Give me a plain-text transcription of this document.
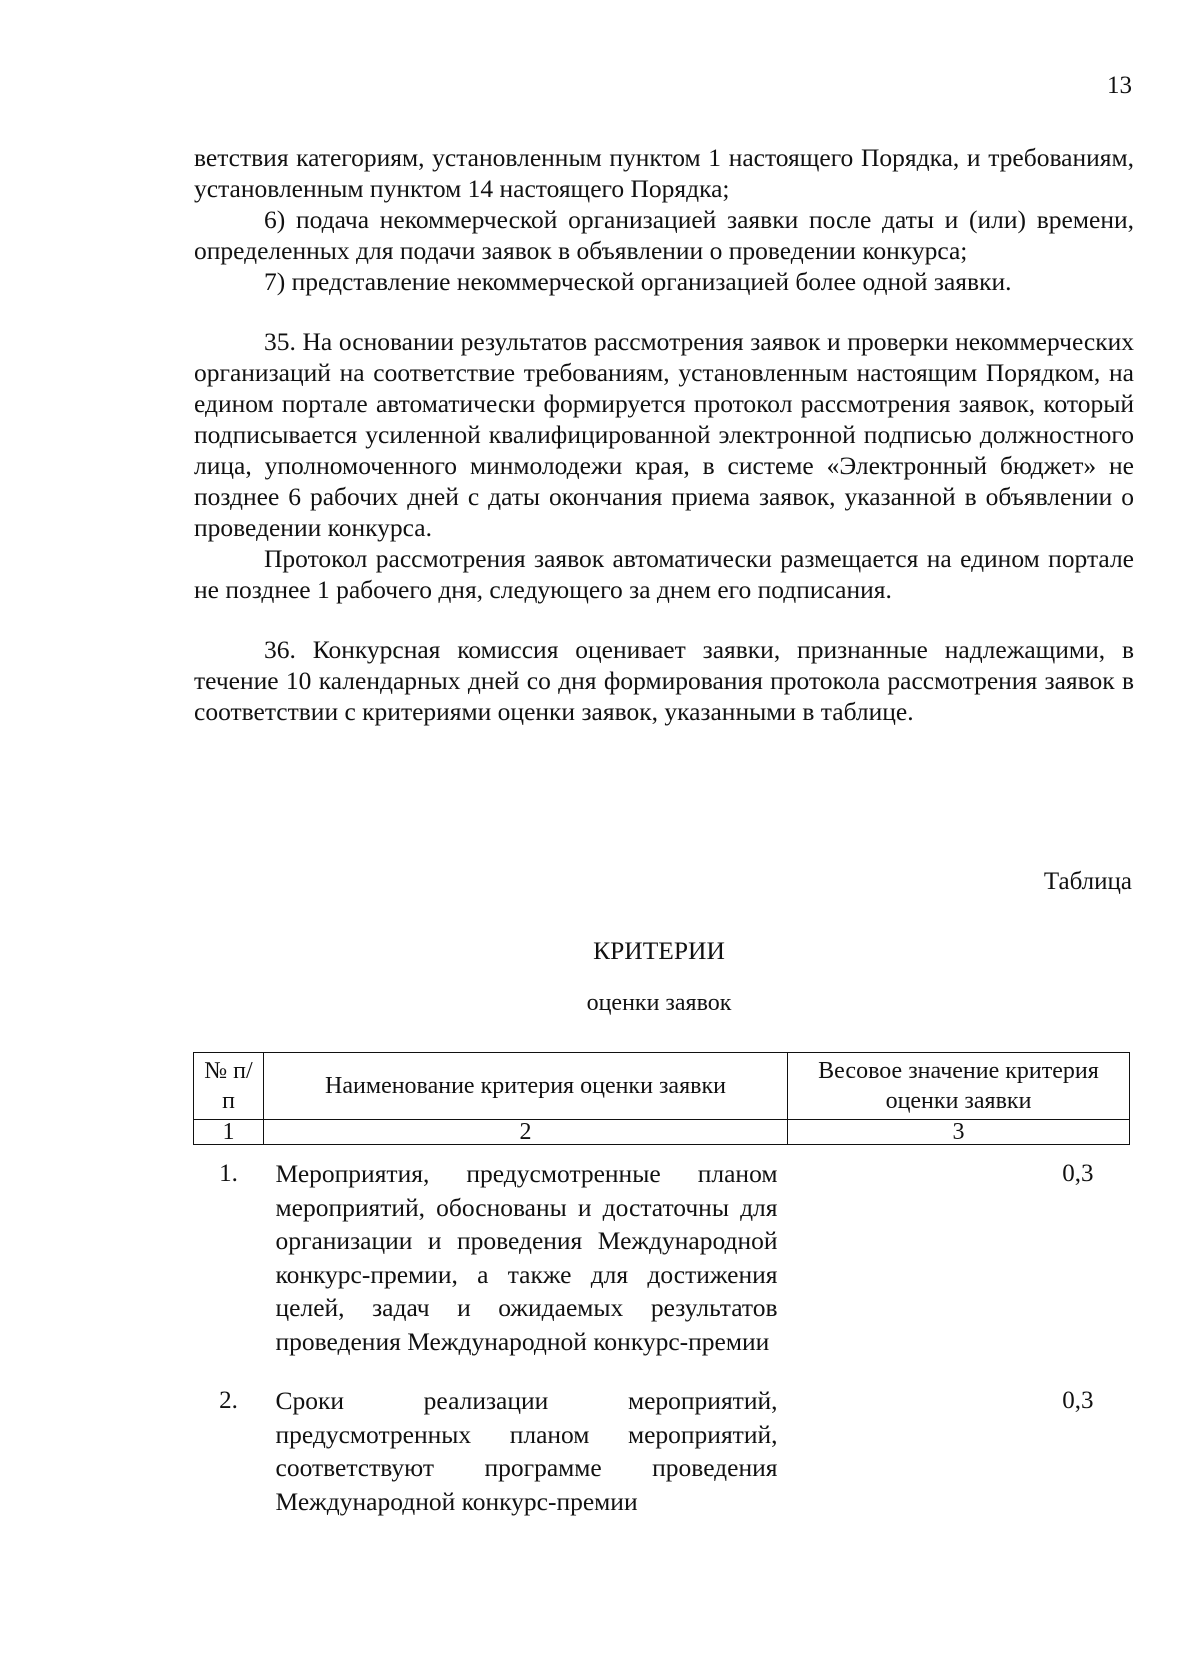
13

ветствия категориям, установленным пунктом 1 настоящего Порядка, и требованиям, установленным пунктом 14 настоящего Порядка;

6) подача некоммерческой организацией заявки после даты и (или) времени, определенных для подачи заявок в объявлении о проведении конкурса;

7) представление некоммерческой организацией более одной заявки.

35. На основании результатов рассмотрения заявок и проверки некоммерческих организаций на соответствие требованиям, установленным настоящим Порядком, на едином портале автоматически формируется протокол рассмотрения заявок, который подписывается усиленной квалифицированной электронной подписью должностного лица, уполномоченного минмолодежи края, в системе «Электронный бюджет» не позднее 6 рабочих дней с даты окончания приема заявок, указанной в объявлении о проведении конкурса.

Протокол рассмотрения заявок автоматически размещается на едином портале не позднее 1 рабочего дня, следующего за днем его подписания.

36. Конкурсная комиссия оценивает заявки, признанные надлежащими, в течение 10 календарных дней со дня формирования протокола рассмотрения заявок в соответствии с критериями оценки заявок, указанными в таблице.

Таблица
КРИТЕРИИ
оценки заявок
№ п/п	Наименование критерия оценки заявки	Весовое значение критерия оценки заявки
1	2	3
1.	Мероприятия, предусмотренные планом мероприятий, обоснованы и достаточны для организации и проведения Международной конкурс-премии, а также для достижения целей, задач и ожидаемых результатов проведения Международной конкурс-премии	0,3
2.	Сроки реализации мероприятий, предусмотренных планом мероприятий, соответствуют программе проведения Международной конкурс-премии	0,3
